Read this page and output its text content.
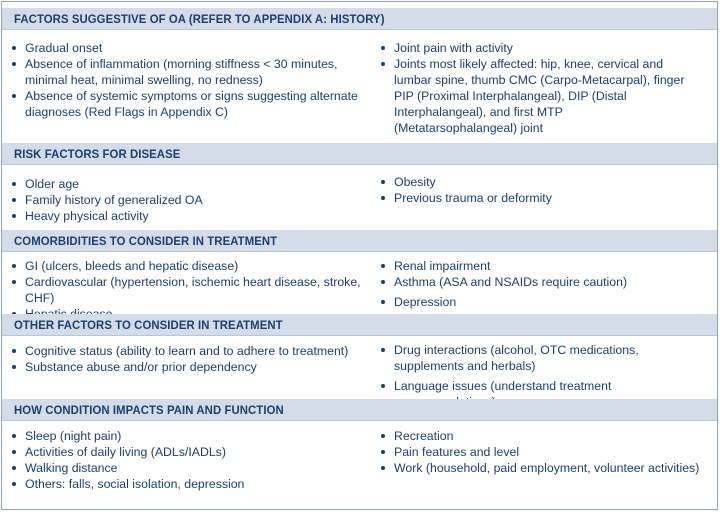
FACTORS SUGGESTIVE OF OA (REFER TO APPENDIX A: HISTORY)
Gradual onset
Absence of inflammation (morning stiffness < 30 minutes, minimal heat, minimal swelling, no redness)
Absence of systemic symptoms or signs suggesting alternate diagnoses (Red Flags in Appendix C)
Joint pain with activity
Joints most likely affected: hip, knee, cervical and lumbar spine, thumb CMC (Carpo-Metacarpal), finger PIP (Proximal Interphalangeal), DIP (Distal Interphalangeal), and first MTP (Metatarsophalangeal) joint
RISK FACTORS FOR DISEASE
Older age
Family history of generalized OA
Heavy physical activity
Obesity
Previous trauma or deformity
COMORBIDITIES TO CONSIDER IN TREATMENT
GI (ulcers, bleeds and hepatic disease)
Cardiovascular (hypertension, ischemic heart disease, stroke, CHF)
Renal impairment
Asthma (ASA and NSAIDs require caution)
Depression
OTHER FACTORS TO CONSIDER IN TREATMENT
Cognitive status (ability to learn and to adhere to treatment)
Substance abuse and/or prior dependency
Drug interactions (alcohol, OTC medications, supplements and herbals)
Language issues (understand treatment
HOW CONDITION IMPACTS PAIN AND FUNCTION
Sleep (night pain)
Activities of daily living (ADLs/IADLs)
Walking distance
Others: falls, social isolation, depression
Recreation
Pain features and level
Work (household, paid employment, volunteer activities)
